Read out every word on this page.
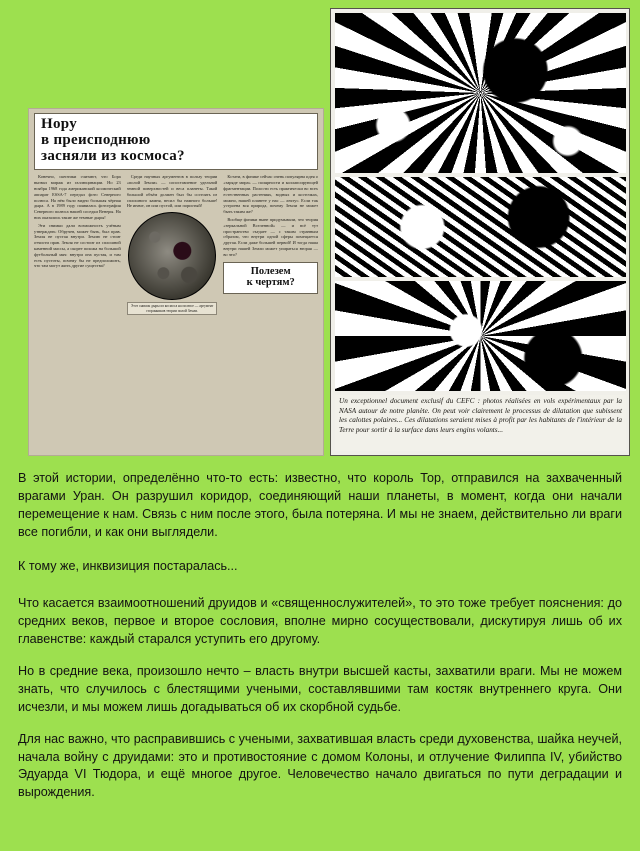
Нору
в преисподнюю
засняли из космоса?

Конечно, скептики считают, что Бора вызвал мираж из галлюцинации. Но 23 ноября 1968 года американский космический аппарат ESSA-7 передал фото Северного полюса. На нём было видно большая чёрная дыра. А в 1989 году появилась фотография Северного полюса нашей соседки Венеры. На них оказались такие же темные дыры!

Эти снимки дали возможность учёным утверждать: Обручев, может быть, был прав. Земля не пустая внутри. Землю не стоит отчисти прав. Земля не состоит из сплошной каменной массы, а скорее похожа на большой футбольный мяч: внутри она пустая, и там есть пустоты, почему бы не предположить, что там могут жить другие существа?

Среди научных аргументов в пользу теории «полой Земли» — сопоставление удельной земной поверхностей и веса планеты. Такой большой объём должен был бы состоять из сплошного камня, весил бы намного больше! Не иначе, он или пустой, или пористый!

Этот снимок дыры из космоса на полюсе — аргумент сторонников теории полой Земли.

Кстати, в физике сейчас очень популярна идея о «заряде мира» — полярности и коллапсирующей фрагментации. Полости есть практически во всех естественных растениях, водных и косточках, можно, нашей планете у нас — лектус. Если так устроена вся природа, почему Земли не может быть таким же?

Вообще физики ныне придумывали, что теория «зеркальной Вселенной» — и всё тут пространство съедает — с таким странным образом, что внутри одной сферы помещается другая. Если даже большей первой! И тогда наша внутри нашей Земли может упираться вторая — во что?

Полезем
к чертям?
Un exceptionnel document exclusif du CEFC : photos réalisées en vols expérimentaux par la NASA autour de notre planète. On peut voir clairement le processus de dilatation que subissent les calottes polaires... Ces dilatations seraient mises à profit par les habitants de l'intérieur de la Terre pour sortir à la surface dans leurs engins volants...

В этой истории, определённо что-то есть: известно, что король Тор, отправился на захваченный врагами Уран. Он разрушил коридор, соединяющий наши планеты, в момент, когда они начали перемещение к нам. Связь с ним после этого, была потеряна. И мы не знаем, действительно ли враги все погибли, и как они выглядели.

К тому же, инквизиция постаралась...

Что касается взаимоотношений друидов и «священнослужителей», то это тоже требует пояснения: до средних веков, первое и второе сословия, вполне мирно сосуществовали, дискутируя лишь об их главенстве: каждый старался уступить его другому.

Но в средние века, произошло нечто – власть внутри высшей касты, захватили враги. Мы не можем знать, что случилось с блестящими учеными, составлявшими там костяк внутреннего круга. Они исчезли, и мы можем лишь догадываться об их скорбной судьбе.

Для нас важно, что расправившись с учеными, захватившая власть среди духовенства, шайка неучей, начала войну с друидами: это и противостояние с домом Колоны, и отлучение Филиппа IV, убийство Эдуарда VI Тюдора, и ещё многое другое. Человечество начало двигаться по пути деградации и вырождения.
